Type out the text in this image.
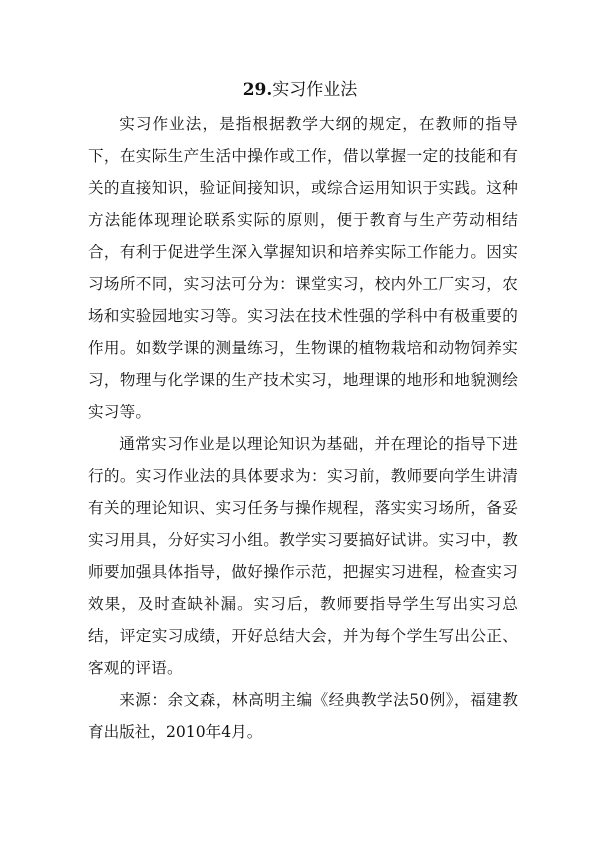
29.实习作业法

实习作业法，是指根据教学大纲的规定，在教师的指导下，在实际生产生活中操作或工作，借以掌握一定的技能和有关的直接知识，验证间接知识，或综合运用知识于实践。这种方法能体现理论联系实际的原则，便于教育与生产劳动相结合，有利于促进学生深入掌握知识和培养实际工作能力。因实习场所不同，实习法可分为：课堂实习，校内外工厂实习，农场和实验园地实习等。实习法在技术性强的学科中有极重要的作用。如数学课的测量练习，生物课的植物栽培和动物饲养实习，物理与化学课的生产技术实习，地理课的地形和地貌测绘实习等。

通常实习作业是以理论知识为基础，并在理论的指导下进行的。实习作业法的具体要求为：实习前，教师要向学生讲清有关的理论知识、实习任务与操作规程，落实实习场所，备妥实习用具，分好实习小组。教学实习要搞好试讲。实习中，教师要加强具体指导，做好操作示范，把握实习进程，检查实习效果，及时查缺补漏。实习后，教师要指导学生写出实习总结，评定实习成绩，开好总结大会，并为每个学生写出公正、客观的评语。

来源：余文森，林高明主编《经典教学法50例》，福建教育出版社，2010年4月。
